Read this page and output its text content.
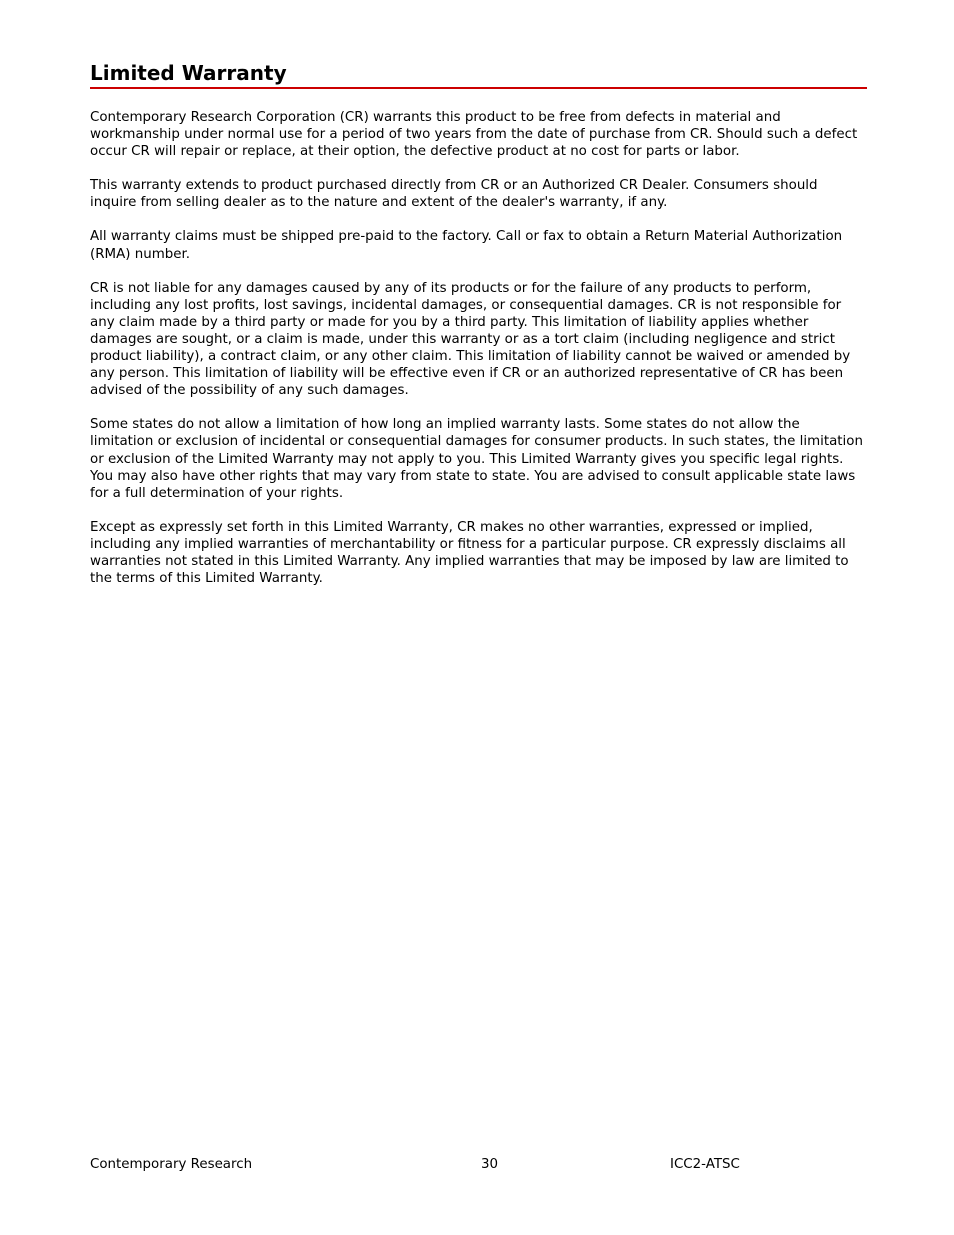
Limited Warranty

Contemporary Research Corporation (CR) warrants this product to be free from defects in material and workmanship under normal use for a period of two years from the date of purchase from CR. Should such a defect occur CR will repair or replace, at their option, the defective product at no cost for parts or labor.

This warranty extends to product purchased directly from CR or an Authorized CR Dealer. Consumers should inquire from selling dealer as to the nature and extent of the dealer's warranty, if any.

All warranty claims must be shipped pre-paid to the factory. Call or fax to obtain a Return Material Authorization (RMA) number.

CR is not liable for any damages caused by any of its products or for the failure of any products to perform, including any lost profits, lost savings, incidental damages, or consequential damages. CR is not responsible for any claim made by a third party or made for you by a third party. This limitation of liability applies whether damages are sought, or a claim is made, under this warranty or as a tort claim (including negligence and strict product liability), a contract claim, or any other claim. This limitation of liability cannot be waived or amended by any person. This limitation of liability will be effective even if CR or an authorized representative of CR has been advised of the possibility of any such damages.

Some states do not allow a limitation of how long an implied warranty lasts. Some states do not allow the limitation or exclusion of incidental or consequential damages for consumer products. In such states, the limitation or exclusion of the Limited Warranty may not apply to you. This Limited Warranty gives you specific legal rights. You may also have other rights that may vary from state to state. You are advised to consult applicable state laws for a full determination of your rights.

Except as expressly set forth in this Limited Warranty, CR makes no other warranties, expressed or implied, including any implied warranties of merchantability or fitness for a particular purpose. CR expressly disclaims all warranties not stated in this Limited Warranty. Any implied warranties that may be imposed by law are limited to the terms of this Limited Warranty.

Contemporary Research	30	ICC2-ATSC
